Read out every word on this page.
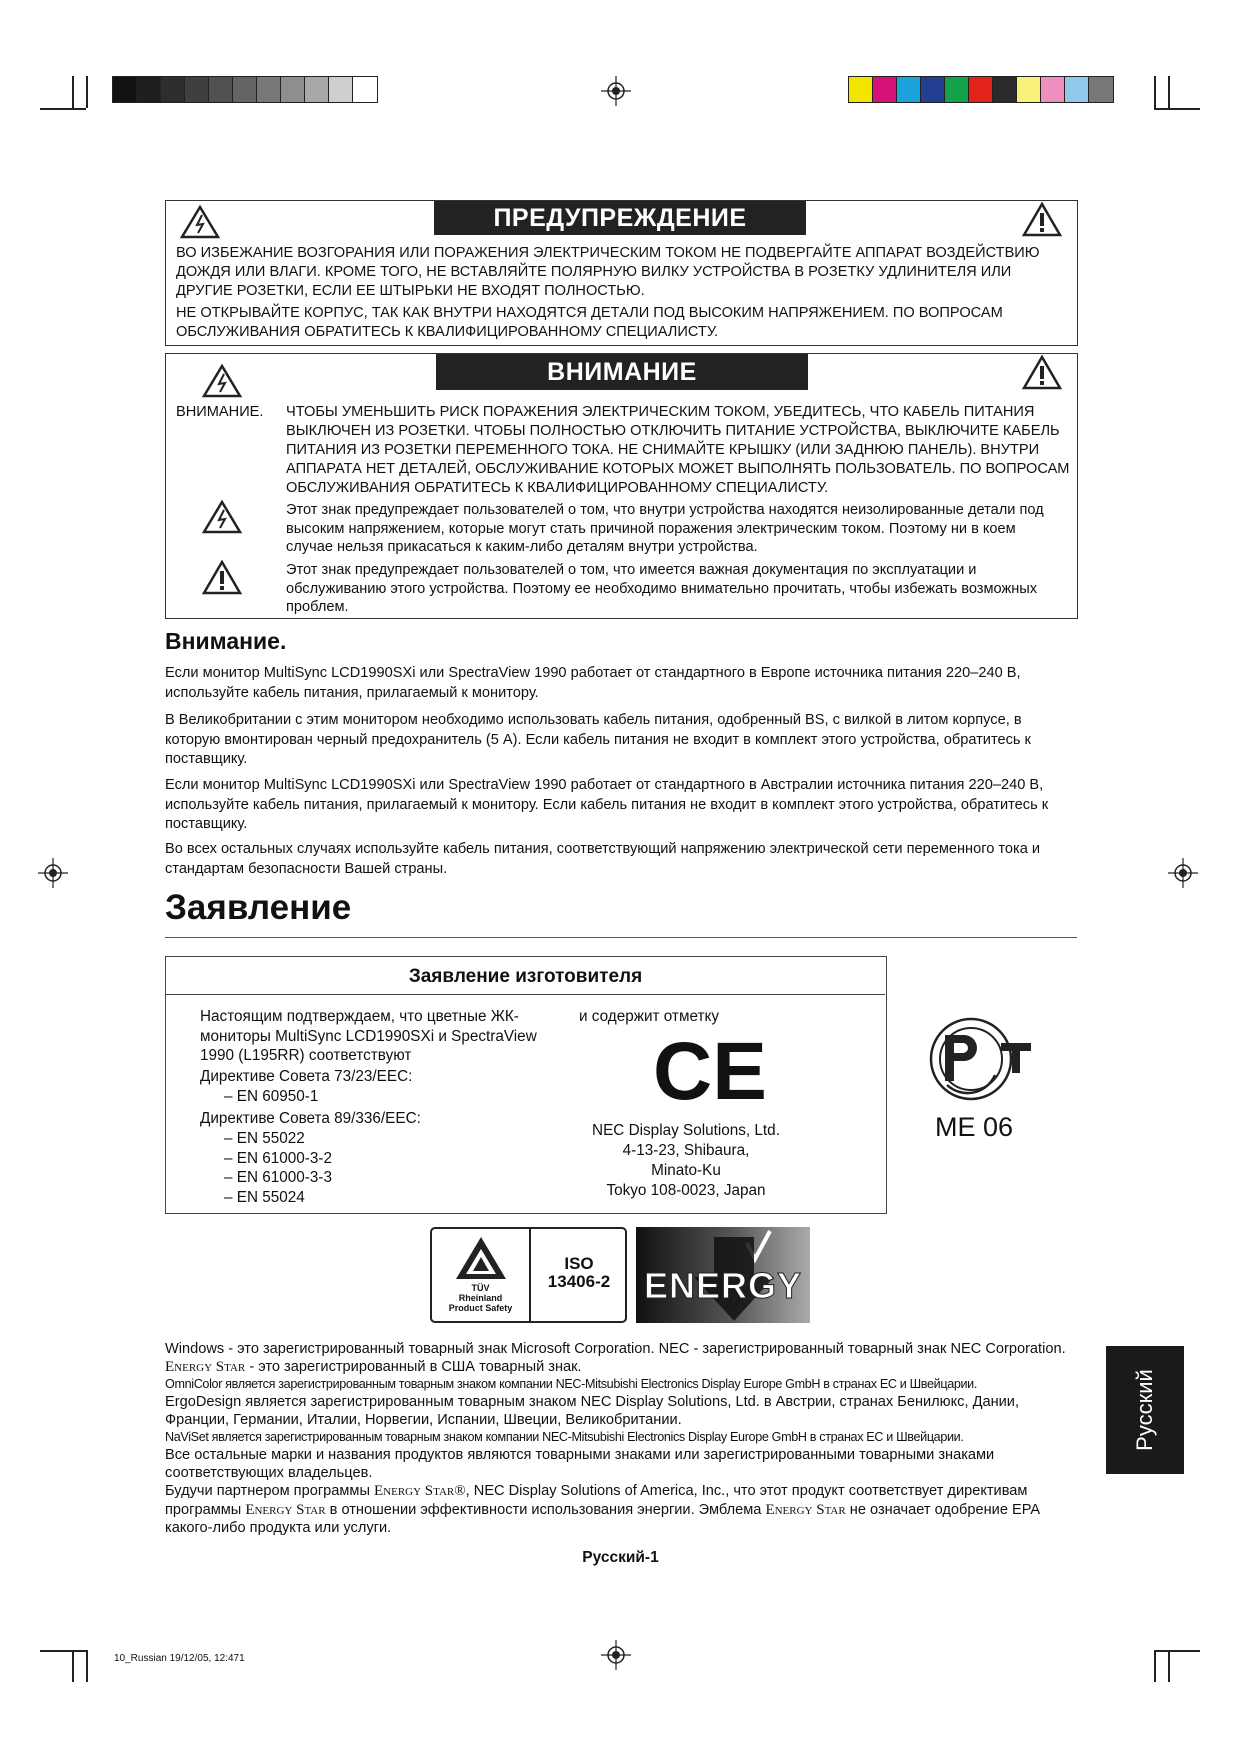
ПРЕДУПРЕЖДЕНИЕ

ВО ИЗБЕЖАНИЕ ВОЗГОРАНИЯ ИЛИ ПОРАЖЕНИЯ ЭЛЕКТРИЧЕСКИМ ТОКОМ НЕ ПОДВЕРГАЙТЕ АППАРАТ ВОЗДЕЙСТВИЮ ДОЖДЯ ИЛИ ВЛАГИ. КРОМЕ ТОГО, НЕ ВСТАВЛЯЙТЕ ПОЛЯРНУЮ ВИЛКУ УСТРОЙСТВА В РОЗЕТКУ УДЛИНИТЕЛЯ ИЛИ ДРУГИЕ РОЗЕТКИ, ЕСЛИ ЕЕ ШТЫРЬКИ НЕ ВХОДЯТ ПОЛНОСТЬЮ.

НЕ ОТКРЫВАЙТЕ КОРПУС, ТАК КАК ВНУТРИ НАХОДЯТСЯ ДЕТАЛИ ПОД ВЫСОКИМ НАПРЯЖЕНИЕМ. ПО ВОПРОСАМ ОБСЛУЖИВАНИЯ ОБРАТИТЕСЬ К КВАЛИФИЦИРОВАННОМУ СПЕЦИАЛИСТУ.

ВНИМАНИЕ

ВНИМАНИЕ. ЧТОБЫ УМЕНЬШИТЬ РИСК ПОРАЖЕНИЯ ЭЛЕКТРИЧЕСКИМ ТОКОМ, УБЕДИТЕСЬ, ЧТО КАБЕЛЬ ПИТАНИЯ ВЫКЛЮЧЕН ИЗ РОЗЕТКИ. ЧТОБЫ ПОЛНОСТЬЮ ОТКЛЮЧИТЬ ПИТАНИЕ УСТРОЙСТВА, ВЫКЛЮЧИТЕ КАБЕЛЬ ПИТАНИЯ ИЗ РОЗЕТКИ ПЕРЕМЕННОГО ТОКА. НЕ СНИМАЙТЕ КРЫШКУ (ИЛИ ЗАДНЮЮ ПАНЕЛЬ). ВНУТРИ АППАРАТА НЕТ ДЕТАЛЕЙ, ОБСЛУЖИВАНИЕ КОТОРЫХ МОЖЕТ ВЫПОЛНЯТЬ ПОЛЬЗОВАТЕЛЬ. ПО ВОПРОСАМ ОБСЛУЖИВАНИЯ ОБРАТИТЕСЬ К КВАЛИФИЦИРОВАННОМУ СПЕЦИАЛИСТУ.

Этот знак предупреждает пользователей о том, что внутри устройства находятся неизолированные детали под высоким напряжением, которые могут стать причиной поражения электрическим током. Поэтому ни в коем случае нельзя прикасаться к каким-либо деталям внутри устройства.

Этот знак предупреждает пользователей о том, что имеется важная документация по эксплуатации и обслуживанию этого устройства. Поэтому ее необходимо внимательно прочитать, чтобы избежать возможных проблем.

Внимание.

Если монитор MultiSync LCD1990SXi или SpectraView 1990 работает от стандартного в Европе источника питания 220–240 В, используйте кабель питания, прилагаемый к монитору.

В Великобритании с этим монитором необходимо использовать кабель питания, одобренный BS, с вилкой в литом корпусе, в которую вмонтирован черный предохранитель (5 А). Если кабель питания не входит в комплект этого устройства, обратитесь к поставщику.

Если монитор MultiSync LCD1990SXi или SpectraView 1990 работает от стандартного в Австралии источника питания 220–240 В, используйте кабель питания, прилагаемый к монитору. Если кабель питания не входит в комплект этого устройства, обратитесь к поставщику.

Во всех остальных случаях используйте кабель питания, соответствующий напряжению электрической сети переменного тока и стандартам безопасности Вашей страны.

Заявление
Заявление изготовителя

Настоящим подтверждаем, что цветные ЖК-мониторы MultiSync LCD1990SXi и SpectraView 1990 (L195RR) соответствуют

Директиве Совета 73/23/EEC:

– EN 60950-1

Директиве Совета 89/336/EEC:

– EN 55022

– EN 61000-3-2

– EN 61000-3-3

– EN 55024

и содержит отметку

CE

NEC Display Solutions, Ltd.

4-13-23, Shibaura,

Minato-Ku

Tokyo 108-0023, Japan

ME 06
TÜV
Rheinland
Product Safety
ISO
13406-2 ENERGY

Windows - это зарегистрированный товарный знак Microsoft Corporation. NEC - зарегистрированный товарный знак NEC Corporation. Energy Star - это зарегистрированный в США товарный знак.

OmniColor является зарегистрированным товарным знаком компании NEC-Mitsubishi Electronics Display Europe GmbH в странах ЕС и Швейцарии.

ErgoDesign является зарегистрированным товарным знаком NEC Display Solutions, Ltd. в Австрии, странах Бенилюкс, Дании, Франции, Германии, Италии, Норвегии, Испании, Швеции, Великобритании.

NaViSet является зарегистрированным товарным знаком компании NEC-Mitsubishi Electronics Display Europe GmbH в странах ЕС и Швейцарии.

Все остальные марки и названия продуктов являются товарными знаками или зарегистрированными товарными знаками соответствующих владельцев.

Будучи партнером программы Energy Star®, NEC Display Solutions of America, Inc., что этот продукт соответствует директивам программы Energy Star в отношении эффективности использования энергии. Эмблема Energy Star не означает одобрение EPA какого-либо продукта или услуги.

Русский-1
Русский
10_Russian 19/12/05, 12:471
